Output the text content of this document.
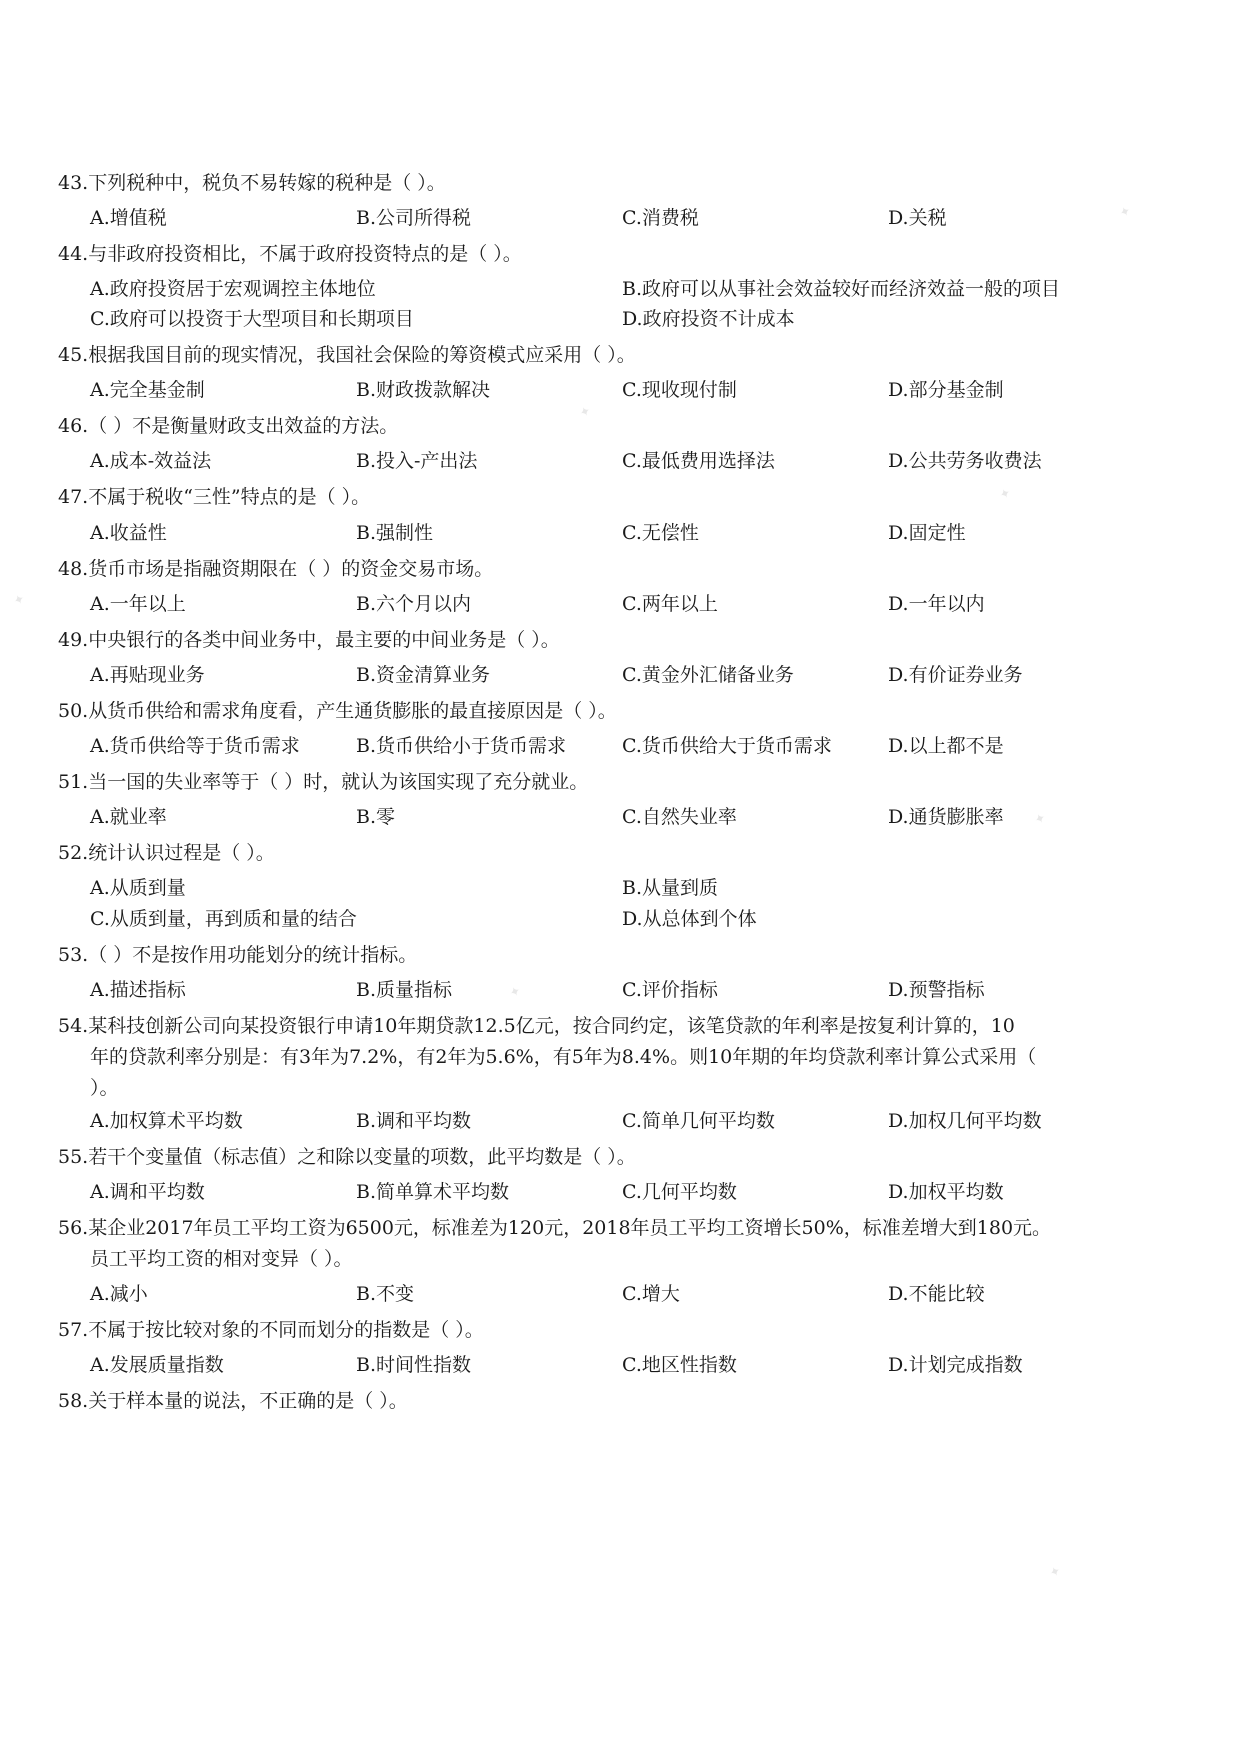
43.下列税种中，税负不易转嫁的税种是（ ）。
A.增值税	B.公司所得税	C.消费税	D.关税
44.与非政府投资相比，不属于政府投资特点的是（ ）。
A.政府投资居于宏观调控主体地位	B.政府可以从事社会效益较好而经济效益一般的项目
C.政府可以投资于大型项目和长期项目	D.政府投资不计成本
45.根据我国目前的现实情况，我国社会保险的筹资模式应采用（ ）。
A.完全基金制	B.财政拨款解决	C.现收现付制	D.部分基金制
46.（ ）不是衡量财政支出效益的方法。
A.成本-效益法	B.投入-产出法	C.最低费用选择法	D.公共劳务收费法
47.不属于税收“三性”特点的是（ ）。
A.收益性	B.强制性	C.无偿性	D.固定性
48.货币市场是指融资期限在（ ）的资金交易市场。
A.一年以上	B.六个月以内	C.两年以上	D.一年以内
49.中央银行的各类中间业务中，最主要的中间业务是（ ）。
A.再贴现业务	B.资金清算业务	C.黄金外汇储备业务	D.有价证券业务
50.从货币供给和需求角度看，产生通货膨胀的最直接原因是（ ）。
A.货币供给等于货币需求	B.货币供给小于货币需求	C.货币供给大于货币需求	D.以上都不是
51.当一国的失业率等于（ ）时，就认为该国实现了充分就业。
A.就业率	B.零	C.自然失业率	D.通货膨胀率
52.统计认识过程是（ ）。
A.从质到量	B.从量到质
C.从质到量，再到质和量的结合	D.从总体到个体
53.（ ）不是按作用功能划分的统计指标。
A.描述指标	B.质量指标	C.评价指标	D.预警指标
54.某科技创新公司向某投资银行申请10年期贷款12.5亿元，按合同约定，该笔贷款的年利率是按复利计算的，10
年的贷款利率分别是：有3年为7.2%，有2年为5.6%，有5年为8.4%。则10年期的年均贷款利率计算公式采用（
）。
A.加权算术平均数	B.调和平均数	C.简单几何平均数	D.加权几何平均数
55.若干个变量值（标志值）之和除以变量的项数，此平均数是（ ）。
A.调和平均数	B.简单算术平均数	C.几何平均数	D.加权平均数
56.某企业2017年员工平均工资为6500元，标准差为120元，2018年员工平均工资增长50%，标准差增大到180元。
员工平均工资的相对变异（ ）。
A.减小	B.不变	C.增大	D.不能比较
57.不属于按比较对象的不同而划分的指数是（ ）。
A.发展质量指数	B.时间性指数	C.地区性指数	D.计划完成指数
58.关于样本量的说法，不正确的是（ ）。
✦
✦
✦
✦
✦
✦
✦
